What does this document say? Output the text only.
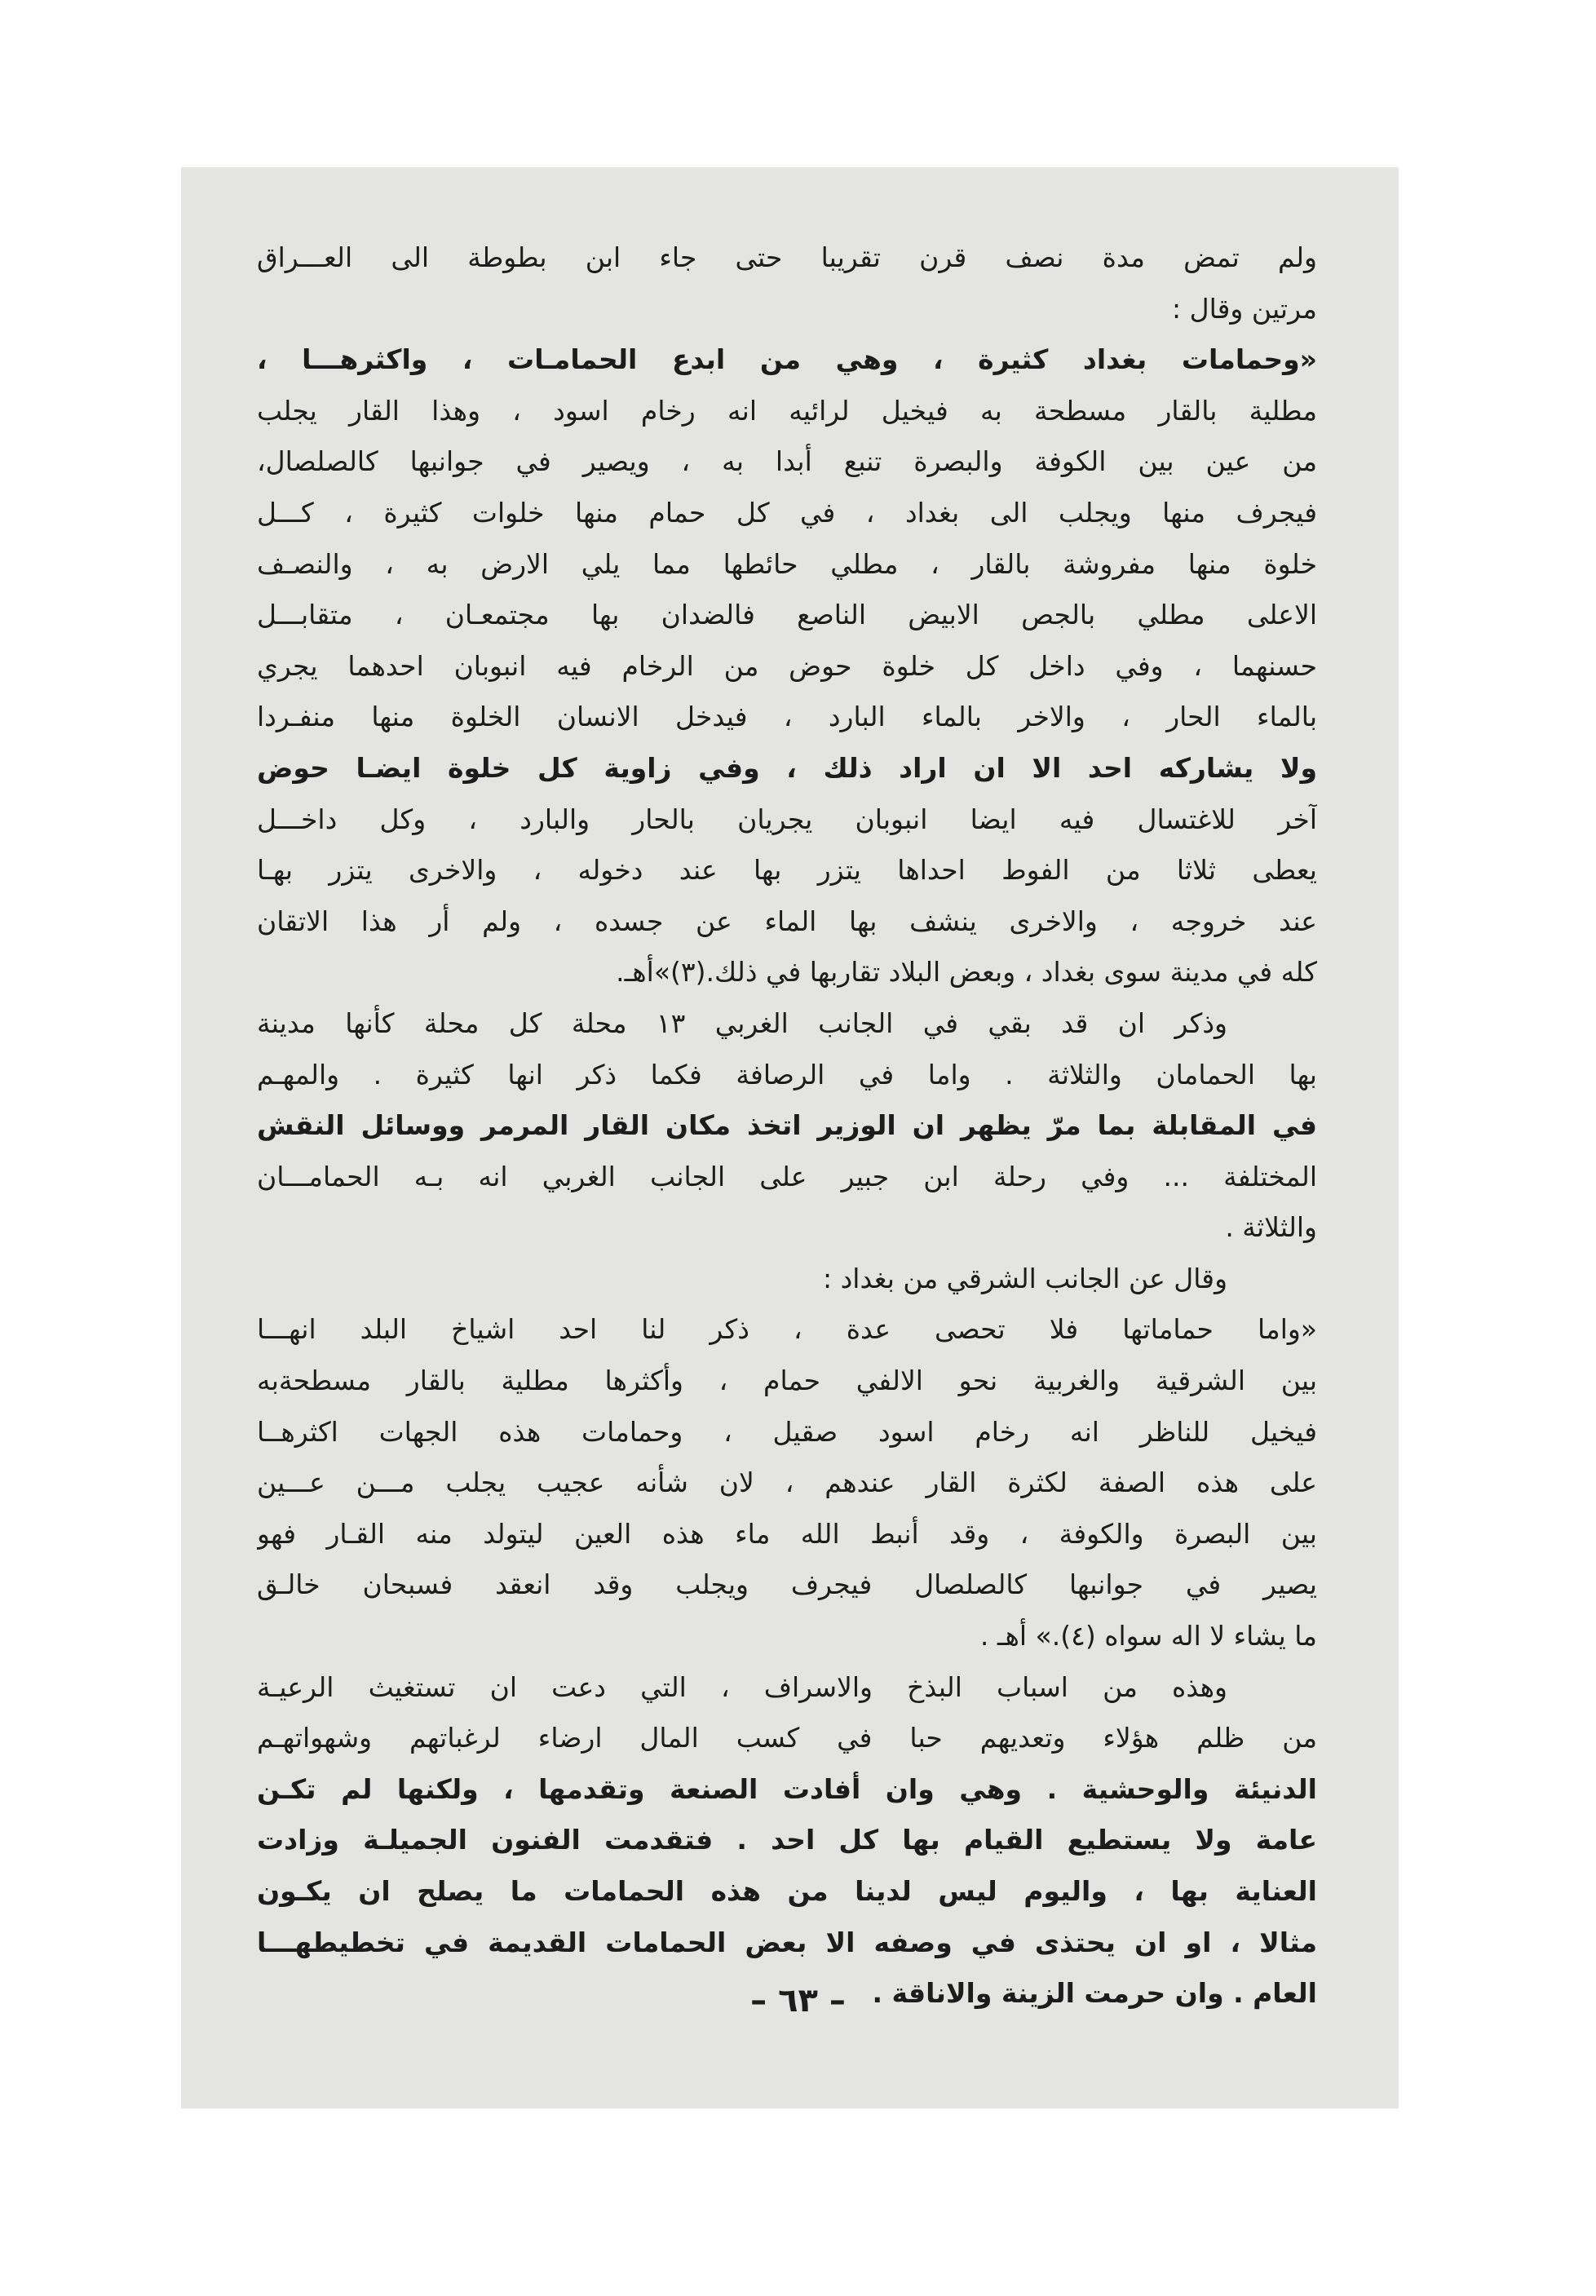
ولم تمض مدة نصف قرن تقريبا حتى جاء ابن بطوطة الى العـــراق
مرتين وقال :
«وحمامات بغداد كثيرة ، وهي من ابدع الحمامـات ، واكثرهـــا ،
مطلية بالقار مسطحة به فيخيل لرائيه انه رخام اسود ، وهذا القار يجلب
من عين بين الكوفة والبصرة تنبع أبدا به ، ويصير في جوانبها كالصلصال،
فيجرف منها ويجلب الى بغداد ، في كل حمام منها خلوات كثيرة ، كـــل
خلوة منها مفروشة بالقار ، مطلي حائطها مما يلي الارض به ، والنصـف
الاعلى مطلي بالجص الابيض الناصع فالضدان بها مجتمعـان ، متقابـــل
حسنهما ، وفي داخل كل خلوة حوض من الرخام فيه انبوبان احدهما يجري
بالماء الحار ، والاخر بالماء البارد ، فيدخل الانسان الخلوة منها منفـردا
ولا يشاركه احد الا ان اراد ذلك ، وفي زاوية كل خلوة ايضـا حوض
آخر للاغتسال فيه ايضا انبوبان يجريان بالحار والبارد ، وكل داخـــل
يعطى ثلاثا من الفوط احداها يتزر بها عند دخوله ، والاخرى يتزر بهـا
عند خروجه ، والاخرى ينشف بها الماء عن جسده ، ولم أر هذا الاتقان
كله في مدينة سوى بغداد ، وبعض البلاد تقاربها في ذلك.(٣)»أهـ.
وذكر ان قد بقي في الجانب الغربي ١٣ محلة كل محلة كأنها مدينة
بها الحمامان والثلاثة . واما في الرصافة فكما ذكر انها كثيرة . والمهـم
في المقابلة بما مرّ يظهر ان الوزير اتخذ مكان القار المرمر ووسائل النقش
المختلفة ... وفي رحلة ابن جبير على الجانب الغربي انه بـه الحمامـــان
والثلاثة .
وقال عن الجانب الشرقي من بغداد :
«واما حماماتها فلا تحصى عدة ، ذكر لنا احد اشياخ البلد انهـــا
بين الشرقية والغربية نحو الالفي حمام ، وأكثرها مطلية بالقار مسطحةبه
فيخيل للناظر انه رخام اسود صقيل ، وحمامات هذه الجهات اكثرهــا
على هذه الصفة لكثرة القار عندهم ، لان شأنه عجيب يجلب مـــن عـــين
بين البصرة والكوفة ، وقد أنبط الله ماء هذه العين ليتولد منه القـار فهو
يصير في جوانبها كالصلصال فيجرف ويجلب وقد انعقد فسبحان خالـق
ما يشاء لا اله سواه (٤).» أهـ .
وهذه من اسباب البذخ والاسراف ، التي دعت ان تستغيث الرعيـة
من ظلم هؤلاء وتعديهم حبا في كسب المال ارضاء لرغباتهم وشهواتهـم
الدنيئة والوحشية . وهي وان أفادت الصنعة وتقدمها ، ولكنها لم تكـن
عامة ولا يستطيع القيام بها كل احد . فتقدمت الفنون الجميلـة وزادت
العناية بها ، واليوم ليس لدينا من هذه الحمامات ما يصلح ان يكـون
مثالا ، او ان يحتذى في وصفه الا بعض الحمامات القديمة في تخطيطهـــا
العام . وان حرمت الزينة والاناقة .
– ٦٣ –
